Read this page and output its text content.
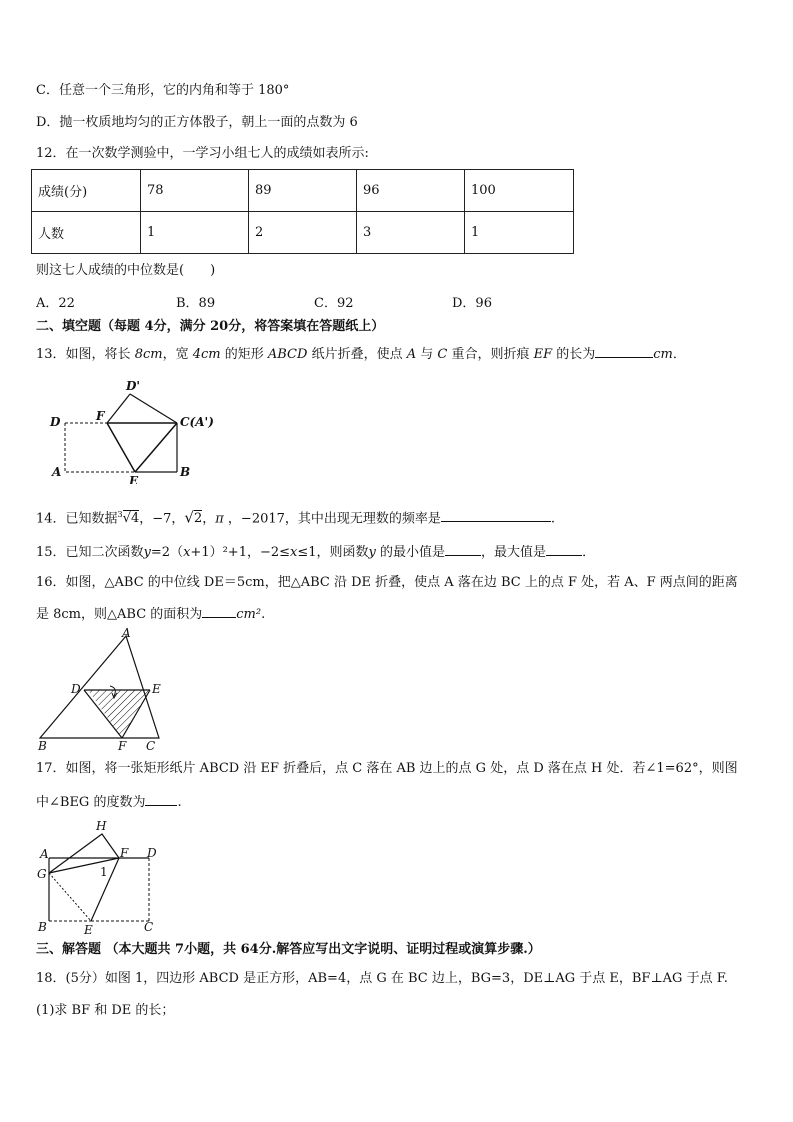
C．任意一个三角形，它的内角和等于 180°
D．抛一枚质地均匀的正方体骰子，朝上一面的点数为 6
12．在一次数学测验中，一学习小组七人的成绩如表所示:
成绩(分)	78	89	96	100
人数	1	2	3	1
则这七人成绩的中位数是(　　)
A．22	B．89	C．92	D．96
二、填空题（每题 4分，满分 20分，将答案填在答题纸上）
13．如图，将长 8cm，宽 4cm 的矩形 ABCD 纸片折叠，使点 A 与 C 重合，则折痕 EF 的长为	cm．
D'
D	F	C(A')
A
E
B
14．已知数据$^3$√4，−7，√2，π ，−2017，其中出现无理数的频率是	.
15．已知二次函数y=2（x+1）²+1，−2≤x≤1，则函数y 的最小值是	，最大值是	．
16．如图，△ABC 的中位线 DE＝5cm，把△ABC 沿 DE 折叠，使点 A 落在边 BC 上的点 F 处，若 A、F 两点间的距离
是 8cm，则△ABC 的面积为	cm².
A
D	E
B	F C
17．如图，将一张矩形纸片 ABCD 沿 EF 折叠后，点 C 落在 AB 边上的点 G 处，点 D 落在点 H 处．若∠1=62°，则图
中∠BEG 的度数为 .
H
A	F D
G	1
B	E	C
三、解答题 （本大题共 7小题，共 64分.解答应写出文字说明、证明过程或演算步骤.）
18．(5分）如图 1，四边形 ABCD 是正方形，AB=4，点 G 在 BC 边上，BG=3，DE⊥AG 于点 E，BF⊥AG 于点 F.
(1)求 BF 和 DE 的长；
